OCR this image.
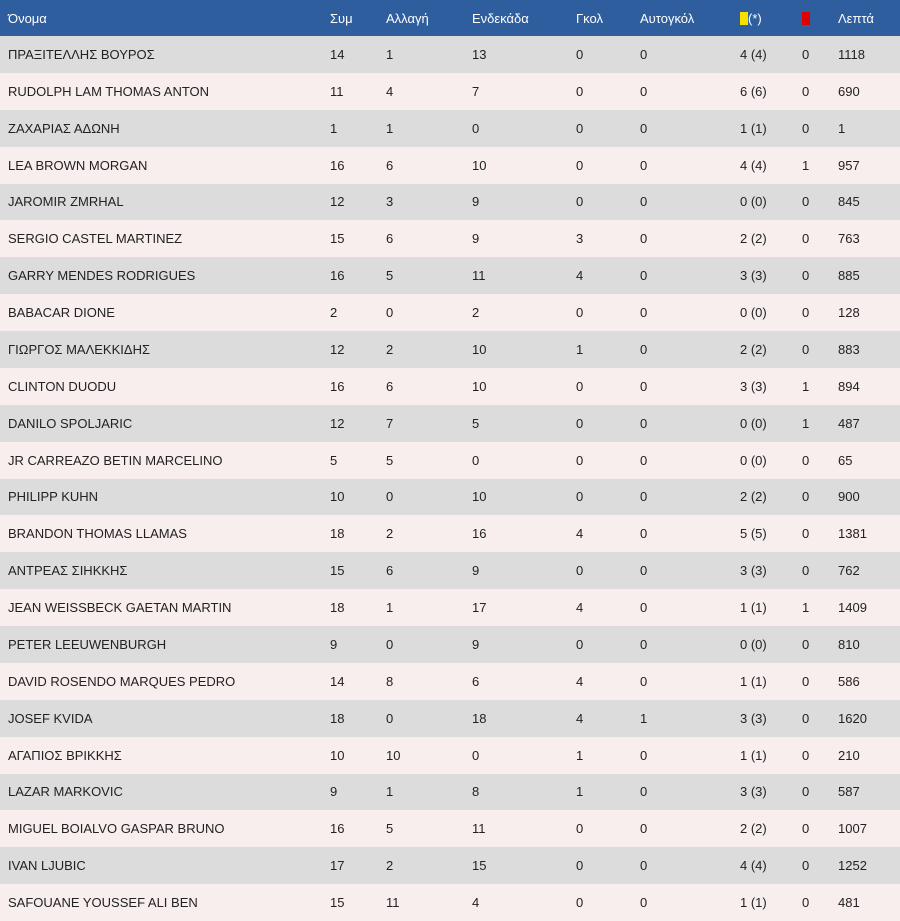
Όνομα	Συμ	Αλλαγή	Ενδεκάδα	Γκολ	Αυτογκόλ	(*)		Λεπτά
ΠΡΑΞΙΤΕΛΛΗΣ ΒΟΥΡΟΣ	14	1	13	0	0	4 (4)	0	1118
RUDOLPH LAM THOMAS ANTON	11	4	7	0	0	6 (6)	0	690
ΖΑΧΑΡΙΑΣ ΑΔΩΝΗ	1	1	0	0	0	1 (1)	0	1
LEA BROWN MORGAN	16	6	10	0	0	4 (4)	1	957
JAROMIR ZMRHAL	12	3	9	0	0	0 (0)	0	845
SERGIO CASTEL MARTINEZ	15	6	9	3	0	2 (2)	0	763
GARRY MENDES RODRIGUES	16	5	11	4	0	3 (3)	0	885
BABACAR DIONE	2	0	2	0	0	0 (0)	0	128
ΓΙΩΡΓΟΣ ΜΑΛΕΚΚΙΔΗΣ	12	2	10	1	0	2 (2)	0	883
CLINTON DUODU	16	6	10	0	0	3 (3)	1	894
DANILO SPOLJARIC	12	7	5	0	0	0 (0)	1	487
JR CARREAZO BETIN MARCELINO	5	5	0	0	0	0 (0)	0	65
PHILIPP KUHN	10	0	10	0	0	2 (2)	0	900
BRANDON THOMAS LLAMAS	18	2	16	4	0	5 (5)	0	1381
ΑΝΤΡΕΑΣ ΣΙΗΚΚΗΣ	15	6	9	0	0	3 (3)	0	762
JEAN WEISSBECK GAETAN MARTIN	18	1	17	4	0	1 (1)	1	1409
PETER LEEUWENBURGH	9	0	9	0	0	0 (0)	0	810
DAVID ROSENDO MARQUES PEDRO	14	8	6	4	0	1 (1)	0	586
JOSEF KVIDA	18	0	18	4	1	3 (3)	0	1620
ΑΓΑΠΙΟΣ ΒΡΙΚΚΗΣ	10	10	0	1	0	1 (1)	0	210
LAZAR MARKOVIC	9	1	8	1	0	3 (3)	0	587
MIGUEL BOIALVO GASPAR BRUNO	16	5	11	0	0	2 (2)	0	1007
IVAN LJUBIC	17	2	15	0	0	4 (4)	0	1252
SAFOUANE YOUSSEF ALI BEN	15	11	4	0	0	1 (1)	0	481
